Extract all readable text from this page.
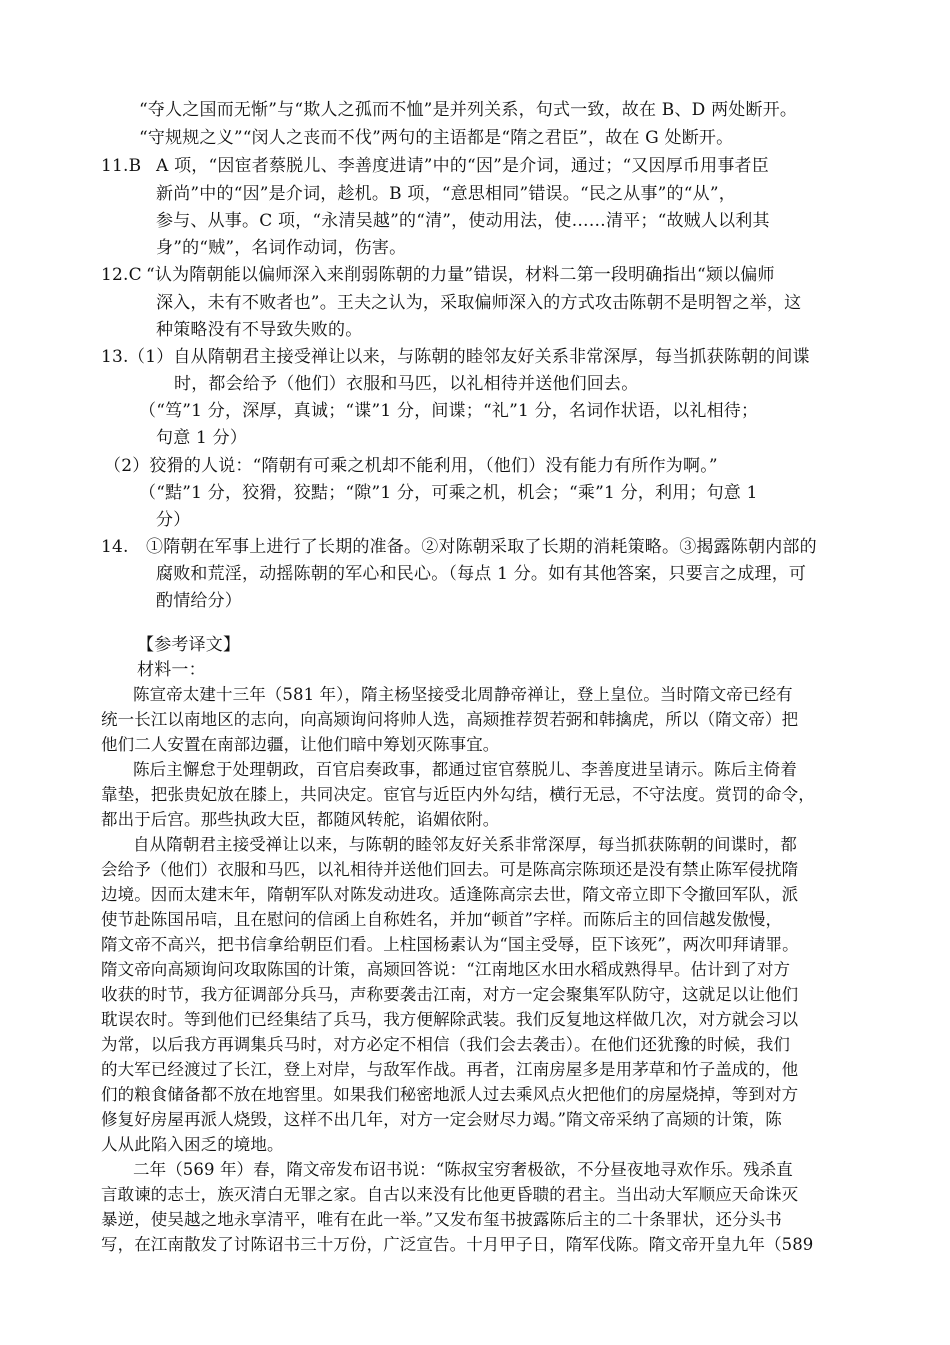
“夺人之国而无惭”与“欺人之孤而不恤”是并列关系，句式一致，故在 B、D 两处断开。
“守规规之义”“闵人之丧而不伐”两句的主语都是“隋之君臣”，故在 G 处断开。
11.B A 项，“因宦者蔡脱儿、李善度进请”中的“因”是介词，通过；“又因厚币用事者臣
新尚”中的“因”是介词，趁机。B 项，“意思相同”错误。“民之从事”的“从”，
参与、从事。C 项，“永清吴越”的“清”，使动用法，使……清平；“故贼人以利其
身”的“贼”，名词作动词，伤害。
12.C “认为隋朝能以偏师深入来削弱陈朝的力量”错误，材料二第一段明确指出“颎以偏师
深入，未有不败者也”。王夫之认为，采取偏师深入的方式攻击陈朝不是明智之举，这
种策略没有不导致失败的。
13. （1）自从隋朝君主接受禅让以来，与陈朝的睦邻友好关系非常深厚，每当抓获陈朝的间谍
时，都会给予（他们）衣服和马匹，以礼相待并送他们回去。
（“笃”1 分，深厚，真诚；“谍”1 分，间谍；“礼”1 分，名词作状语，以礼相待；
句意 1 分）
（2）狡猾的人说：“隋朝有可乘之机却不能利用，（他们）没有能力有所作为啊。”
（“黠”1 分，狡猾，狡黠；“隙”1 分，可乘之机，机会；“乘”1 分，利用；句意 1
分）
14. ①隋朝在军事上进行了长期的准备。②对陈朝采取了长期的消耗策略。③揭露陈朝内部的
腐败和荒淫，动摇陈朝的军心和民心。（每点 1 分。如有其他答案，只要言之成理，可
酌情给分）
【参考译文】
材料一：
陈宣帝太建十三年（581 年），隋主杨坚接受北周静帝禅让，登上皇位。当时隋文帝已经有
统一长江以南地区的志向，向高颎询问将帅人选，高颎推荐贺若弼和韩擒虎，所以（隋文帝）把
他们二人安置在南部边疆，让他们暗中筹划灭陈事宜。
陈后主懈怠于处理朝政，百官启奏政事，都通过宦官蔡脱儿、李善度进呈请示。陈后主倚着
靠垫，把张贵妃放在膝上，共同决定。宦官与近臣内外勾结，横行无忌，不守法度。赏罚的命令，
都出于后宫。那些执政大臣，都随风转舵，谄媚依附。
自从隋朝君主接受禅让以来，与陈朝的睦邻友好关系非常深厚，每当抓获陈朝的间谍时，都
会给予（他们）衣服和马匹，以礼相待并送他们回去。可是陈高宗陈顼还是没有禁止陈军侵扰隋
边境。因而太建末年，隋朝军队对陈发动进攻。适逢陈高宗去世，隋文帝立即下令撤回军队，派
使节赴陈国吊唁，且在慰问的信函上自称姓名，并加“顿首”字样。而陈后主的回信越发傲慢，
隋文帝不高兴，把书信拿给朝臣们看。上柱国杨素认为“国主受辱，臣下该死”，两次叩拜请罪。
隋文帝向高颎询问攻取陈国的计策，高颎回答说：“江南地区水田水稻成熟得早。估计到了对方
收获的时节，我方征调部分兵马，声称要袭击江南，对方一定会聚集军队防守，这就足以让他们
耽误农时。等到他们已经集结了兵马，我方便解除武装。我们反复地这样做几次，对方就会习以
为常，以后我方再调集兵马时，对方必定不相信（我们会去袭击）。在他们还犹豫的时候，我们
的大军已经渡过了长江，登上对岸，与敌军作战。再者，江南房屋多是用茅草和竹子盖成的，他
们的粮食储备都不放在地窖里。如果我们秘密地派人过去乘风点火把他们的房屋烧掉，等到对方
修复好房屋再派人烧毁，这样不出几年，对方一定会财尽力竭。”隋文帝采纳了高颎的计策，陈
人从此陷入困乏的境地。
二年（569 年）春，隋文帝发布诏书说：“陈叔宝穷奢极欲，不分昼夜地寻欢作乐。残杀直
言敢谏的志士，族灭清白无罪之家。自古以来没有比他更昏聩的君主。当出动大军顺应天命诛灭
暴逆，使吴越之地永享清平，唯有在此一举。”又发布玺书披露陈后主的二十条罪状，还分头书
写，在江南散发了讨陈诏书三十万份，广泛宣告。十月甲子日，隋军伐陈。隋文帝开皇九年（589
